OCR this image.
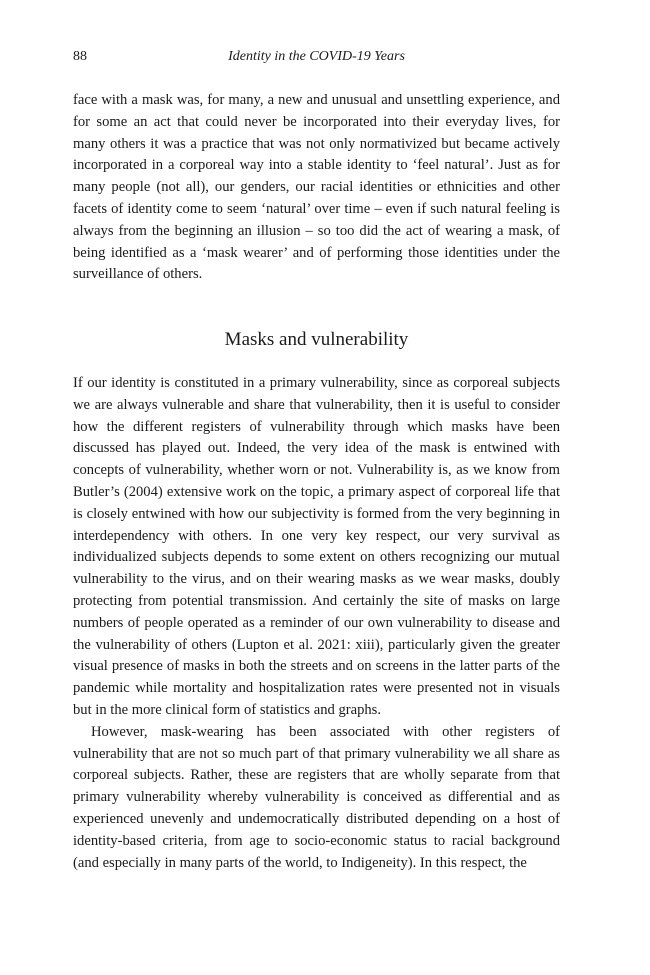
88	Identity in the COVID-19 Years

face with a mask was, for many, a new and unusual and unsettling experience, and for some an act that could never be incorporated into their everyday lives, for many others it was a practice that was not only normativized but became actively incorporated in a corporeal way into a stable identity to ‘feel natural’. Just as for many people (not all), our genders, our racial identities or ethnicities and other facets of identity come to seem ‘natural’ over time – even if such natural feeling is always from the beginning an illusion – so too did the act of wearing a mask, of being identified as a ‘mask wearer’ and of performing those identities under the surveillance of others.

Masks and vulnerability

If our identity is constituted in a primary vulnerability, since as corporeal subjects we are always vulnerable and share that vulnerability, then it is useful to consider how the different registers of vulnerability through which masks have been discussed has played out. Indeed, the very idea of the mask is entwined with concepts of vulnerability, whether worn or not. Vulnerability is, as we know from Butler’s (2004) extensive work on the topic, a primary aspect of corporeal life that is closely entwined with how our subjectivity is formed from the very beginning in interdependency with others. In one very key respect, our very survival as individualized subjects depends to some extent on others recognizing our mutual vulnerability to the virus, and on their wearing masks as we wear masks, doubly protecting from potential transmission. And certainly the site of masks on large numbers of people operated as a reminder of our own vulnerability to disease and the vulnerability of others (Lupton et al. 2021: xiii), particularly given the greater visual presence of masks in both the streets and on screens in the latter parts of the pandemic while mortality and hospitalization rates were presented not in visuals but in the more clinical form of statistics and graphs.

However, mask-wearing has been associated with other registers of vulnerability that are not so much part of that primary vulnerability we all share as corporeal subjects. Rather, these are registers that are wholly separate from that primary vulnerability whereby vulnerability is conceived as differential and as experienced unevenly and undemocratically distributed depending on a host of identity-based criteria, from age to socio-economic status to racial background (and especially in many parts of the world, to Indigeneity). In this respect, the
